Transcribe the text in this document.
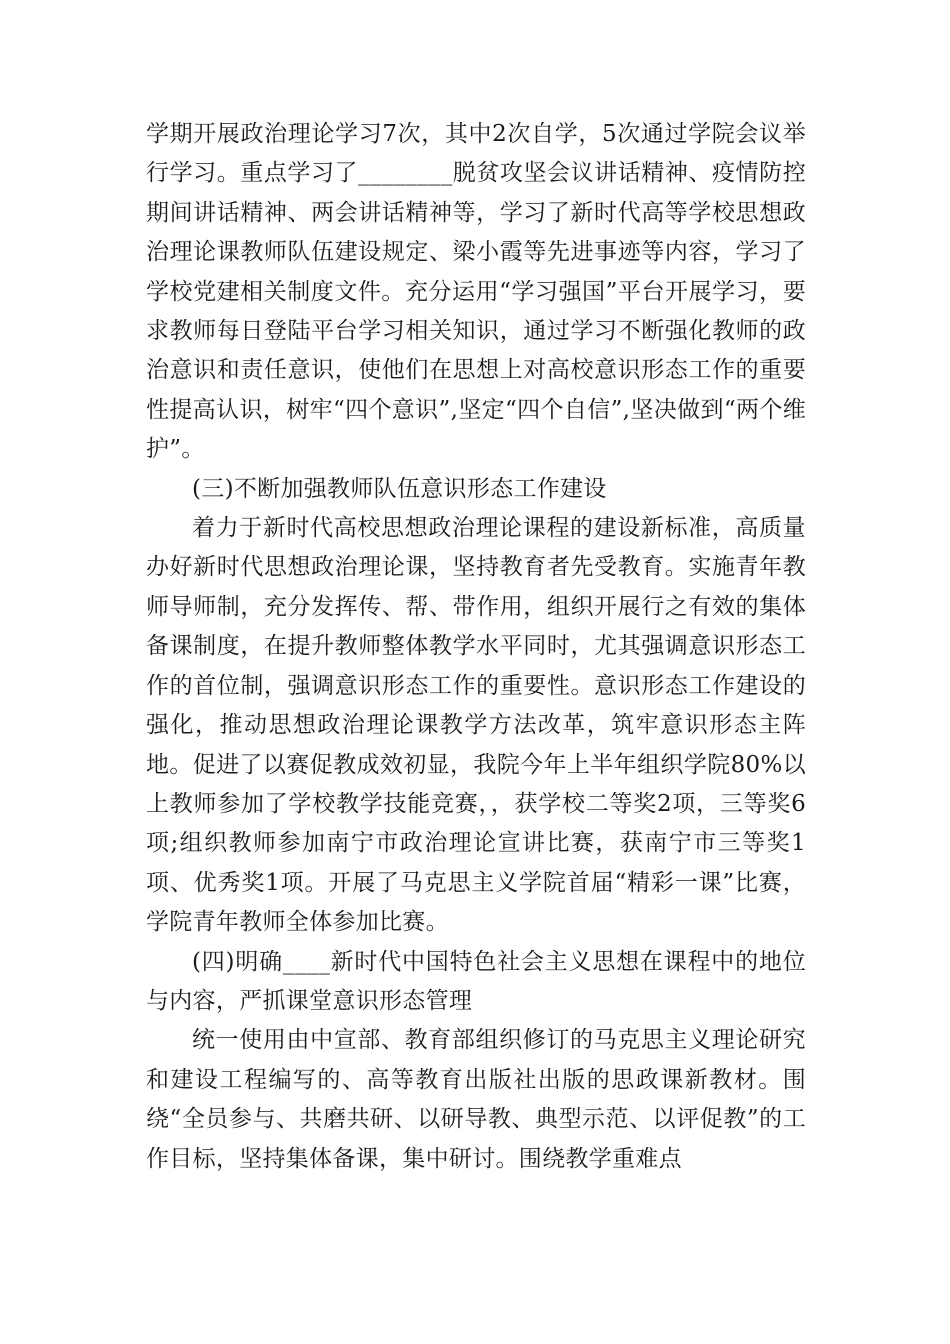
学期开展政治理论学习7次，其中2次自学，5次通过学院会议举行学习。重点学习了________脱贫攻坚会议讲话精神、疫情防控期间讲话精神、两会讲话精神等，学习了新时代高等学校思想政治理论课教师队伍建设规定、梁小霞等先进事迹等内容，学习了学校党建相关制度文件。充分运用“学习强国”平台开展学习，要求教师每日登陆平台学习相关知识，通过学习不断强化教师的政治意识和责任意识，使他们在思想上对高校意识形态工作的重要性提高认识，树牢“四个意识”,坚定“四个自信”,坚决做到“两个维护”。

(三)不断加强教师队伍意识形态工作建设

着力于新时代高校思想政治理论课程的建设新标准，高质量办好新时代思想政治理论课，坚持教育者先受教育。实施青年教师导师制，充分发挥传、帮、带作用，组织开展行之有效的集体备课制度，在提升教师整体教学水平同时，尤其强调意识形态工作的首位制，强调意识形态工作的重要性。意识形态工作建设的强化，推动思想政治理论课教学方法改革，筑牢意识形态主阵地。促进了以赛促教成效初显，我院今年上半年组织学院80%以上教师参加了学校教学技能竞赛，，获学校二等奖2项，三等奖6项;组织教师参加南宁市政治理论宣讲比赛，获南宁市三等奖1项、优秀奖1项。开展了马克思主义学院首届“精彩一课”比赛，学院青年教师全体参加比赛。

(四)明确____新时代中国特色社会主义思想在课程中的地位与内容，严抓课堂意识形态管理

统一使用由中宣部、教育部组织修订的马克思主义理论研究和建设工程编写的、高等教育出版社出版的思政课新教材。围绕“全员参与、共磨共研、以研导教、典型示范、以评促教”的工作目标，坚持集体备课，集中研讨。围绕教学重难点
